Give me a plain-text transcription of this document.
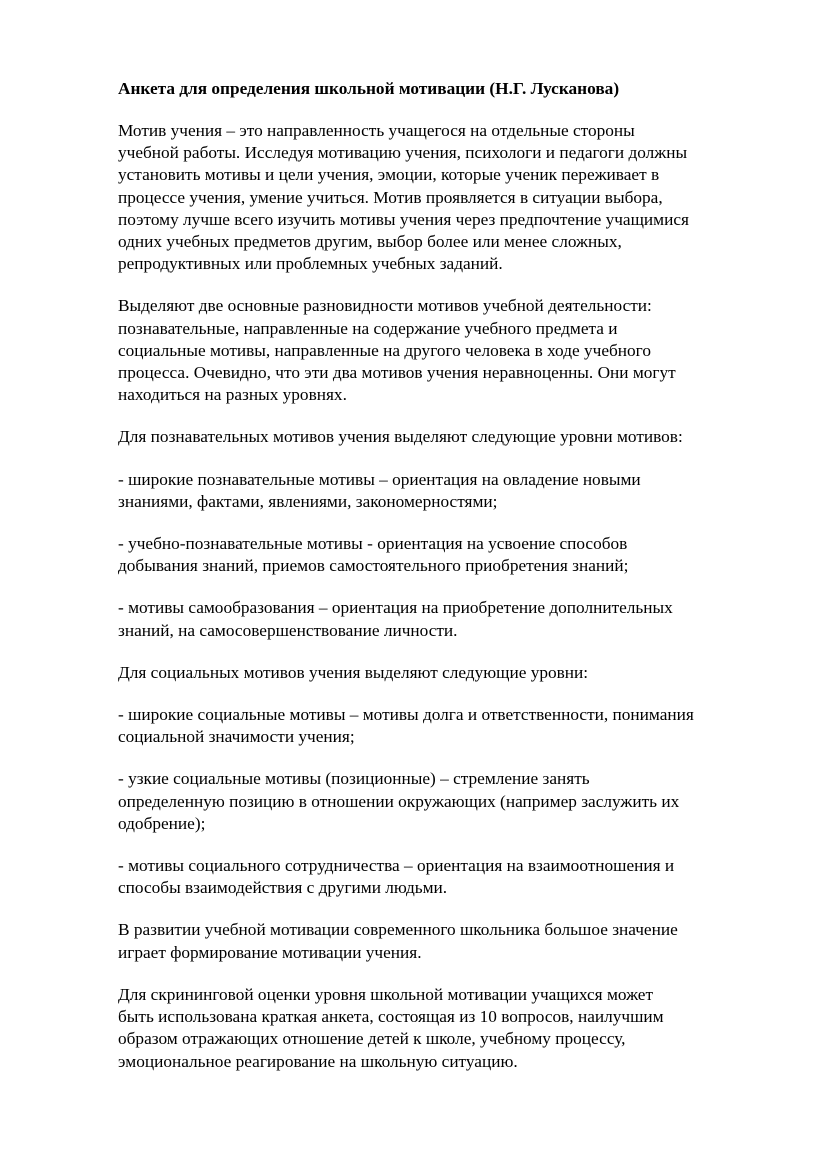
Анкета для определения школьной мотивации (Н.Г. Лусканова)
Мотив учения – это направленность учащегося на отдельные стороны
учебной работы. Исследуя мотивацию учения, психологи и педагоги должны
установить мотивы и цели учения, эмоции, которые ученик переживает в
процессе учения, умение учиться. Мотив проявляется в ситуации выбора,
поэтому лучше всего изучить мотивы учения через предпочтение учащимися
одних учебных предметов другим, выбор более или менее сложных,
репродуктивных или проблемных учебных заданий.
Выделяют две основные разновидности мотивов учебной деятельности:
познавательные, направленные на содержание учебного предмета и
социальные мотивы, направленные на другого человека в ходе учебного
процесса. Очевидно, что эти два мотивов учения неравноценны. Они могут
находиться на разных уровнях.
Для познавательных мотивов учения выделяют следующие уровни мотивов:
- широкие познавательные мотивы – ориентация на овладение новыми
знаниями, фактами, явлениями, закономерностями;
- учебно-познавательные мотивы - ориентация на усвоение способов
добывания знаний, приемов самостоятельного приобретения знаний;
- мотивы самообразования – ориентация на приобретение дополнительных
знаний, на самосовершенствование личности.
Для социальных мотивов учения выделяют следующие уровни:
- широкие социальные мотивы – мотивы долга и ответственности, понимания
социальной значимости учения;
- узкие социальные мотивы (позиционные) – стремление занять
определенную позицию в отношении окружающих (например заслужить их
одобрение);
- мотивы социального сотрудничества – ориентация на взаимоотношения и
способы взаимодействия с другими людьми.
В развитии учебной мотивации современного школьника большое значение
играет формирование мотивации учения.
Для скрининговой оценки уровня школьной мотивации учащихся может
быть использована краткая анкета, состоящая из 10 вопросов, наилучшим
образом отражающих отношение детей к школе, учебному процессу,
эмоциональное реагирование на школьную ситуацию.
